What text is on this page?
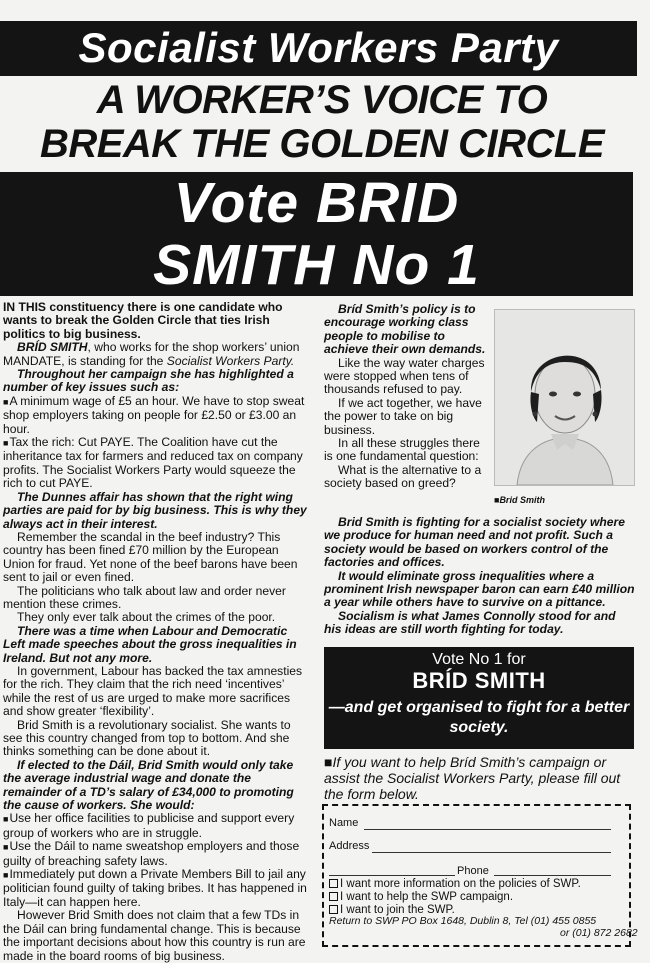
Socialist Workers Party
A WORKER’S VOICE TO
BREAK THE GOLDEN CIRCLE
Vote BRID
SMITH No 1

IN THIS constituency there is one candidate who wants to break the Golden Circle that ties Irish politics to big business.

BRÍD SMITH, who works for the shop workers’ union MANDATE, is standing for the Socialist Workers Party.

Throughout her campaign she has highlighted a number of key issues such as:

■ A minimum wage of £5 an hour. We have to stop sweat shop employers taking on people for £2.50 or £3.00 an hour.

■ Tax the rich: Cut PAYE. The Coalition have cut the inheritance tax for farmers and reduced tax on company profits. The Socialist Workers Party would squeeze the rich to cut PAYE.

The Dunnes affair has shown that the right wing parties are paid for by big business. This is why they always act in their interest.

Remember the scandal in the beef industry? This country has been fined £70 million by the European Union for fraud. Yet none of the beef barons have been sent to jail or even fined.

The politicians who talk about law and order never mention these crimes.

They only ever talk about the crimes of the poor.

There was a time when Labour and Democratic Left made speeches about the gross inequalities in Ireland. But not any more.

In government, Labour has backed the tax amnesties for the rich. They claim that the rich need ‘incentives’ while the rest of us are urged to make more sacrifices and show greater ‘flexibility’.

Brid Smith is a revolutionary socialist. She wants to see this country changed from top to bottom. And she thinks something can be done about it.

If elected to the Dáil, Brid Smith would only take the average industrial wage and donate the remainder of a TD’s salary of £34,000 to promoting the cause of workers. She would:

■ Use her office facilities to publicise and support every group of workers who are in struggle.

■ Use the Dáil to name sweatshop employers and those guilty of breaching safety laws.

■ Immediately put down a Private Members Bill to jail any politician found guilty of taking bribes. It has happened in Italy—it can happen here.

However Brid Smith does not claim that a few TDs in the Dáil can bring fundamental change. This is because the important decisions about how this country is run are made in the board rooms of big business.

Bríd Smith’s policy is to encourage working class people to mobilise to achieve their own demands.

Like the way water charges were stopped when tens of thousands refused to pay.

If we act together, we have the power to take on big business.

In all these struggles there is one fundamental question:

What is the alternative to a society based on greed?

■Brid Smith

Brid Smith is fighting for a socialist society where we produce for human need and not profit. Such a society would be based on workers control of the factories and offices.

It would eliminate gross inequalities where a prominent Irish newspaper baron can earn £40 million a year while others have to survive on a pittance.

Socialism is what James Connolly stood for and his ideas are still worth fighting for today.

Vote No 1 for
BRÍD SMITH
—and get organised to fight for a better society.
■If you want to help Bríd Smith’s campaign or assist the Socialist Workers Party, please fill out the form below.
Name
Address
Phone
I want more information on the policies of SWP.
I want to help the SWP campaign.
I want to join the SWP.
Return to SWP PO Box 1648, Dublin 8, Tel (01) 455 0855
or (01) 872 2682
